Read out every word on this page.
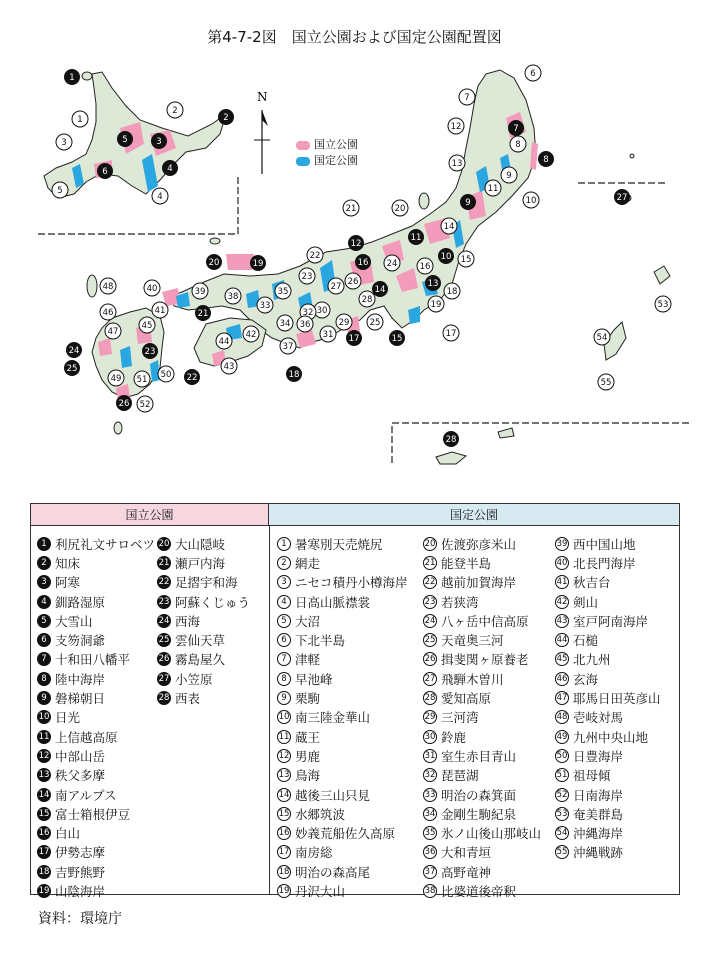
第4-7-2図　国立公園および国定公園配置図
N
1
2
3
4
5
6
7
8
9
10
11
12
13
14
15
16
17
18
19
20
21
22
23
24
25
26
27
28
1
2
3
4
5
6
7
8
9
10
11
12
13
14
15
16
17
18
19
20
21
22
23
24
25
26
27
28
29
30
31
32
33
34
35
36
37
38
39
40
41
42
43
44
45
46
47
48
49	50
51
52
53
54
55
国立公園
国定公園
国立公園	国定公園
1 利尻礼文サロベツ
2 知床
3 阿寒
4 釧路湿原
5 大雪山
6 支笏洞爺
7 十和田八幡平
8 陸中海岸
9 磐梯朝日
10 日光
11 上信越高原
12 中部山岳
13 秩父多摩
14 南アルプス
15 富士箱根伊豆
16 白山
17 伊勢志摩
18 吉野熊野
19 山陰海岸
20 大山隠岐
21 瀬戸内海
22 足摺宇和海
23 阿蘇くじゅう
24 西海
25 雲仙天草
26 霧島屋久
27 小笠原
28 西表
1 暑寒別天売焼尻
2 網走
3 ニセコ積丹小樽海岸
4 日高山脈襟裳
5 大沼
6 下北半島
7 津軽
8 早池峰
9 栗駒
10 南三陸金華山
11 蔵王
12 男鹿
13 鳥海
14 越後三山只見
15 水郷筑波
16 妙義荒船佐久高原
17 南房総
18 明治の森高尾
19 丹沢大山
20 佐渡弥彦米山
21 能登半島
22 越前加賀海岸
23 若狭湾
24 八ヶ岳中信高原
25 天竜奥三河
26 揖斐関ヶ原養老
27 飛騨木曽川
28 愛知高原
29 三河湾
30 鈴鹿
31 室生赤目青山
32 琵琶湖
33 明治の森箕面
34 金剛生駒紀泉
35 氷ノ山後山那岐山
36 大和青垣
37 高野竜神
38 比婆道後帝釈
39 西中国山地
40 北長門海岸
41 秋吉台
42 剣山
43 室戸阿南海岸
44 石槌
45 北九州
46 玄海
47 耶馬日田英彦山
48 壱岐対馬
49 九州中央山地
50 日豊海岸
51 祖母傾
52 日南海岸
53 奄美群島
54 沖縄海岸
55 沖縄戦跡
資料：環境庁
